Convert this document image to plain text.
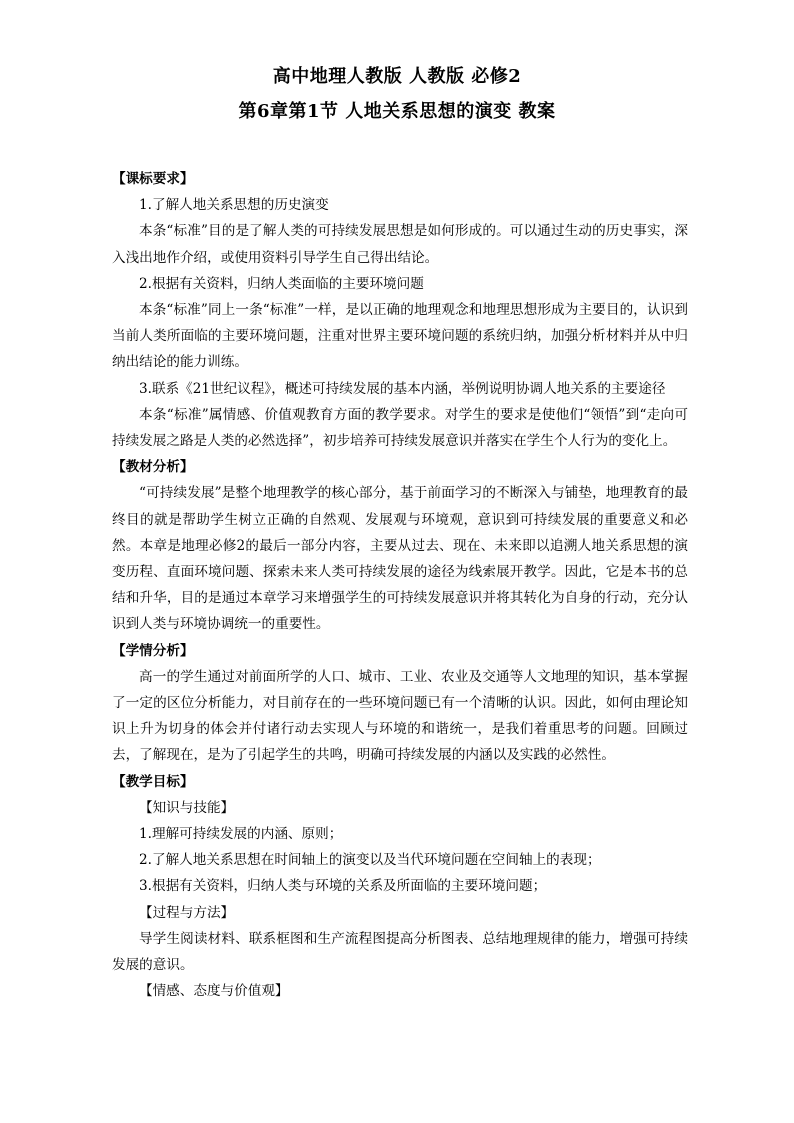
高中地理人教版 人教版 必修2
第6章第1节 人地关系思想的演变 教案

【课标要求】

1.了解人地关系思想的历史演变

本条“标准”目的是了解人类的可持续发展思想是如何形成的。可以通过生动的历史事实，深入浅出地作介绍，或使用资料引导学生自己得出结论。

2.根据有关资料，归纳人类面临的主要环境问题

本条“标准”同上一条“标准”一样，是以正确的地理观念和地理思想形成为主要目的，认识到当前人类所面临的主要环境问题，注重对世界主要环境问题的系统归纳，加强分析材料并从中归纳出结论的能力训练。

3.联系《21世纪议程》，概述可持续发展的基本内涵，举例说明协调人地关系的主要途径

本条“标准”属情感、价值观教育方面的教学要求。对学生的要求是使他们“领悟”到“走向可持续发展之路是人类的必然选择”，初步培养可持续发展意识并落实在学生个人行为的变化上。

【教材分析】

“可持续发展”是整个地理教学的核心部分，基于前面学习的不断深入与铺垫，地理教育的最终目的就是帮助学生树立正确的自然观、发展观与环境观，意识到可持续发展的重要意义和必然。本章是地理必修2的最后一部分内容，主要从过去、现在、未来即以追溯人地关系思想的演变历程、直面环境问题、探索未来人类可持续发展的途径为线索展开教学。因此，它是本书的总结和升华，目的是通过本章学习来增强学生的可持续发展意识并将其转化为自身的行动，充分认识到人类与环境协调统一的重要性。

【学情分析】

高一的学生通过对前面所学的人口、城市、工业、农业及交通等人文地理的知识，基本掌握了一定的区位分析能力，对目前存在的一些环境问题已有一个清晰的认识。因此，如何由理论知识上升为切身的体会并付诸行动去实现人与环境的和谐统一，是我们着重思考的问题。回顾过去，了解现在，是为了引起学生的共鸣，明确可持续发展的内涵以及实践的必然性。

【教学目标】

【知识与技能】

1.理解可持续发展的内涵、原则；

2.了解人地关系思想在时间轴上的演变以及当代环境问题在空间轴上的表现；

3.根据有关资料，归纳人类与环境的关系及所面临的主要环境问题；

【过程与方法】

导学生阅读材料、联系框图和生产流程图提高分析图表、总结地理规律的能力，增强可持续发展的意识。

【情感、态度与价值观】
